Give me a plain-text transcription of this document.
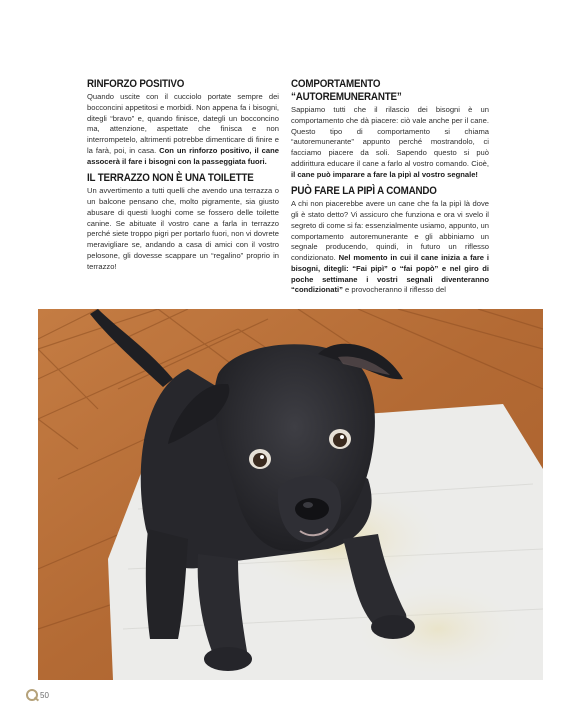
RINFORZO POSITIVO

Quando uscite con il cucciolo portate sempre dei bocconcini appetitosi e morbidi. Non appena fa i bisogni, ditegli “bravo” e, quando finisce, dategli un bocconcino ma, attenzione, aspettate che finisca e non interrompetelo, altrimenti potrebbe dimenticare di finire e la farà, poi, in casa. Con un rinforzo positivo, il cane assocerà il fare i bisogni con la passeggiata fuori.

IL TERRAZZO NON È UNA TOILETTE

Un avvertimento a tutti quelli che avendo una terrazza o un balcone pensano che, molto pigramente, sia giusto abusare di questi luoghi come se fossero delle toilette canine. Se abituate il vostro cane a farla in terrazzo perché siete troppo pigri per portarlo fuori, non vi dovrete meravigliare se, andando a casa di amici con il vostro pelosone, gli dovesse scappare un “regalino” proprio in terrazzo!

COMPORTAMENTO “AUTOREMUNERANTE”

Sappiamo tutti che il rilascio dei bisogni è un comportamento che dà piacere: ciò vale anche per il cane. Questo tipo di comportamento si chiama “autoremunerante” appunto perché mostrandolo, ci facciamo piacere da soli. Sapendo questo si può addirittura educare il cane a farlo al vostro comando. Cioè, il cane può imparare a fare la pipì al vostro segnale!

PUÒ FARE LA PIPÌ A COMANDO

A chi non piacerebbe avere un cane che fa la pipì là dove gli è stato detto? Vi assicuro che funziona e ora vi svelo il segreto di come si fa: essenzialmente usiamo, appunto, un comportamento autoremunerante e gli abbiniamo un segnale producendo, quindi, in futuro un riflesso condizionato. Nel momento in cui il cane inizia a fare i bisogni, ditegli: “Fai pipì” o “fai popò” e nel giro di poche settimane i vostri segnali diventeranno “condizionati” e provocheranno il riflesso del

50
